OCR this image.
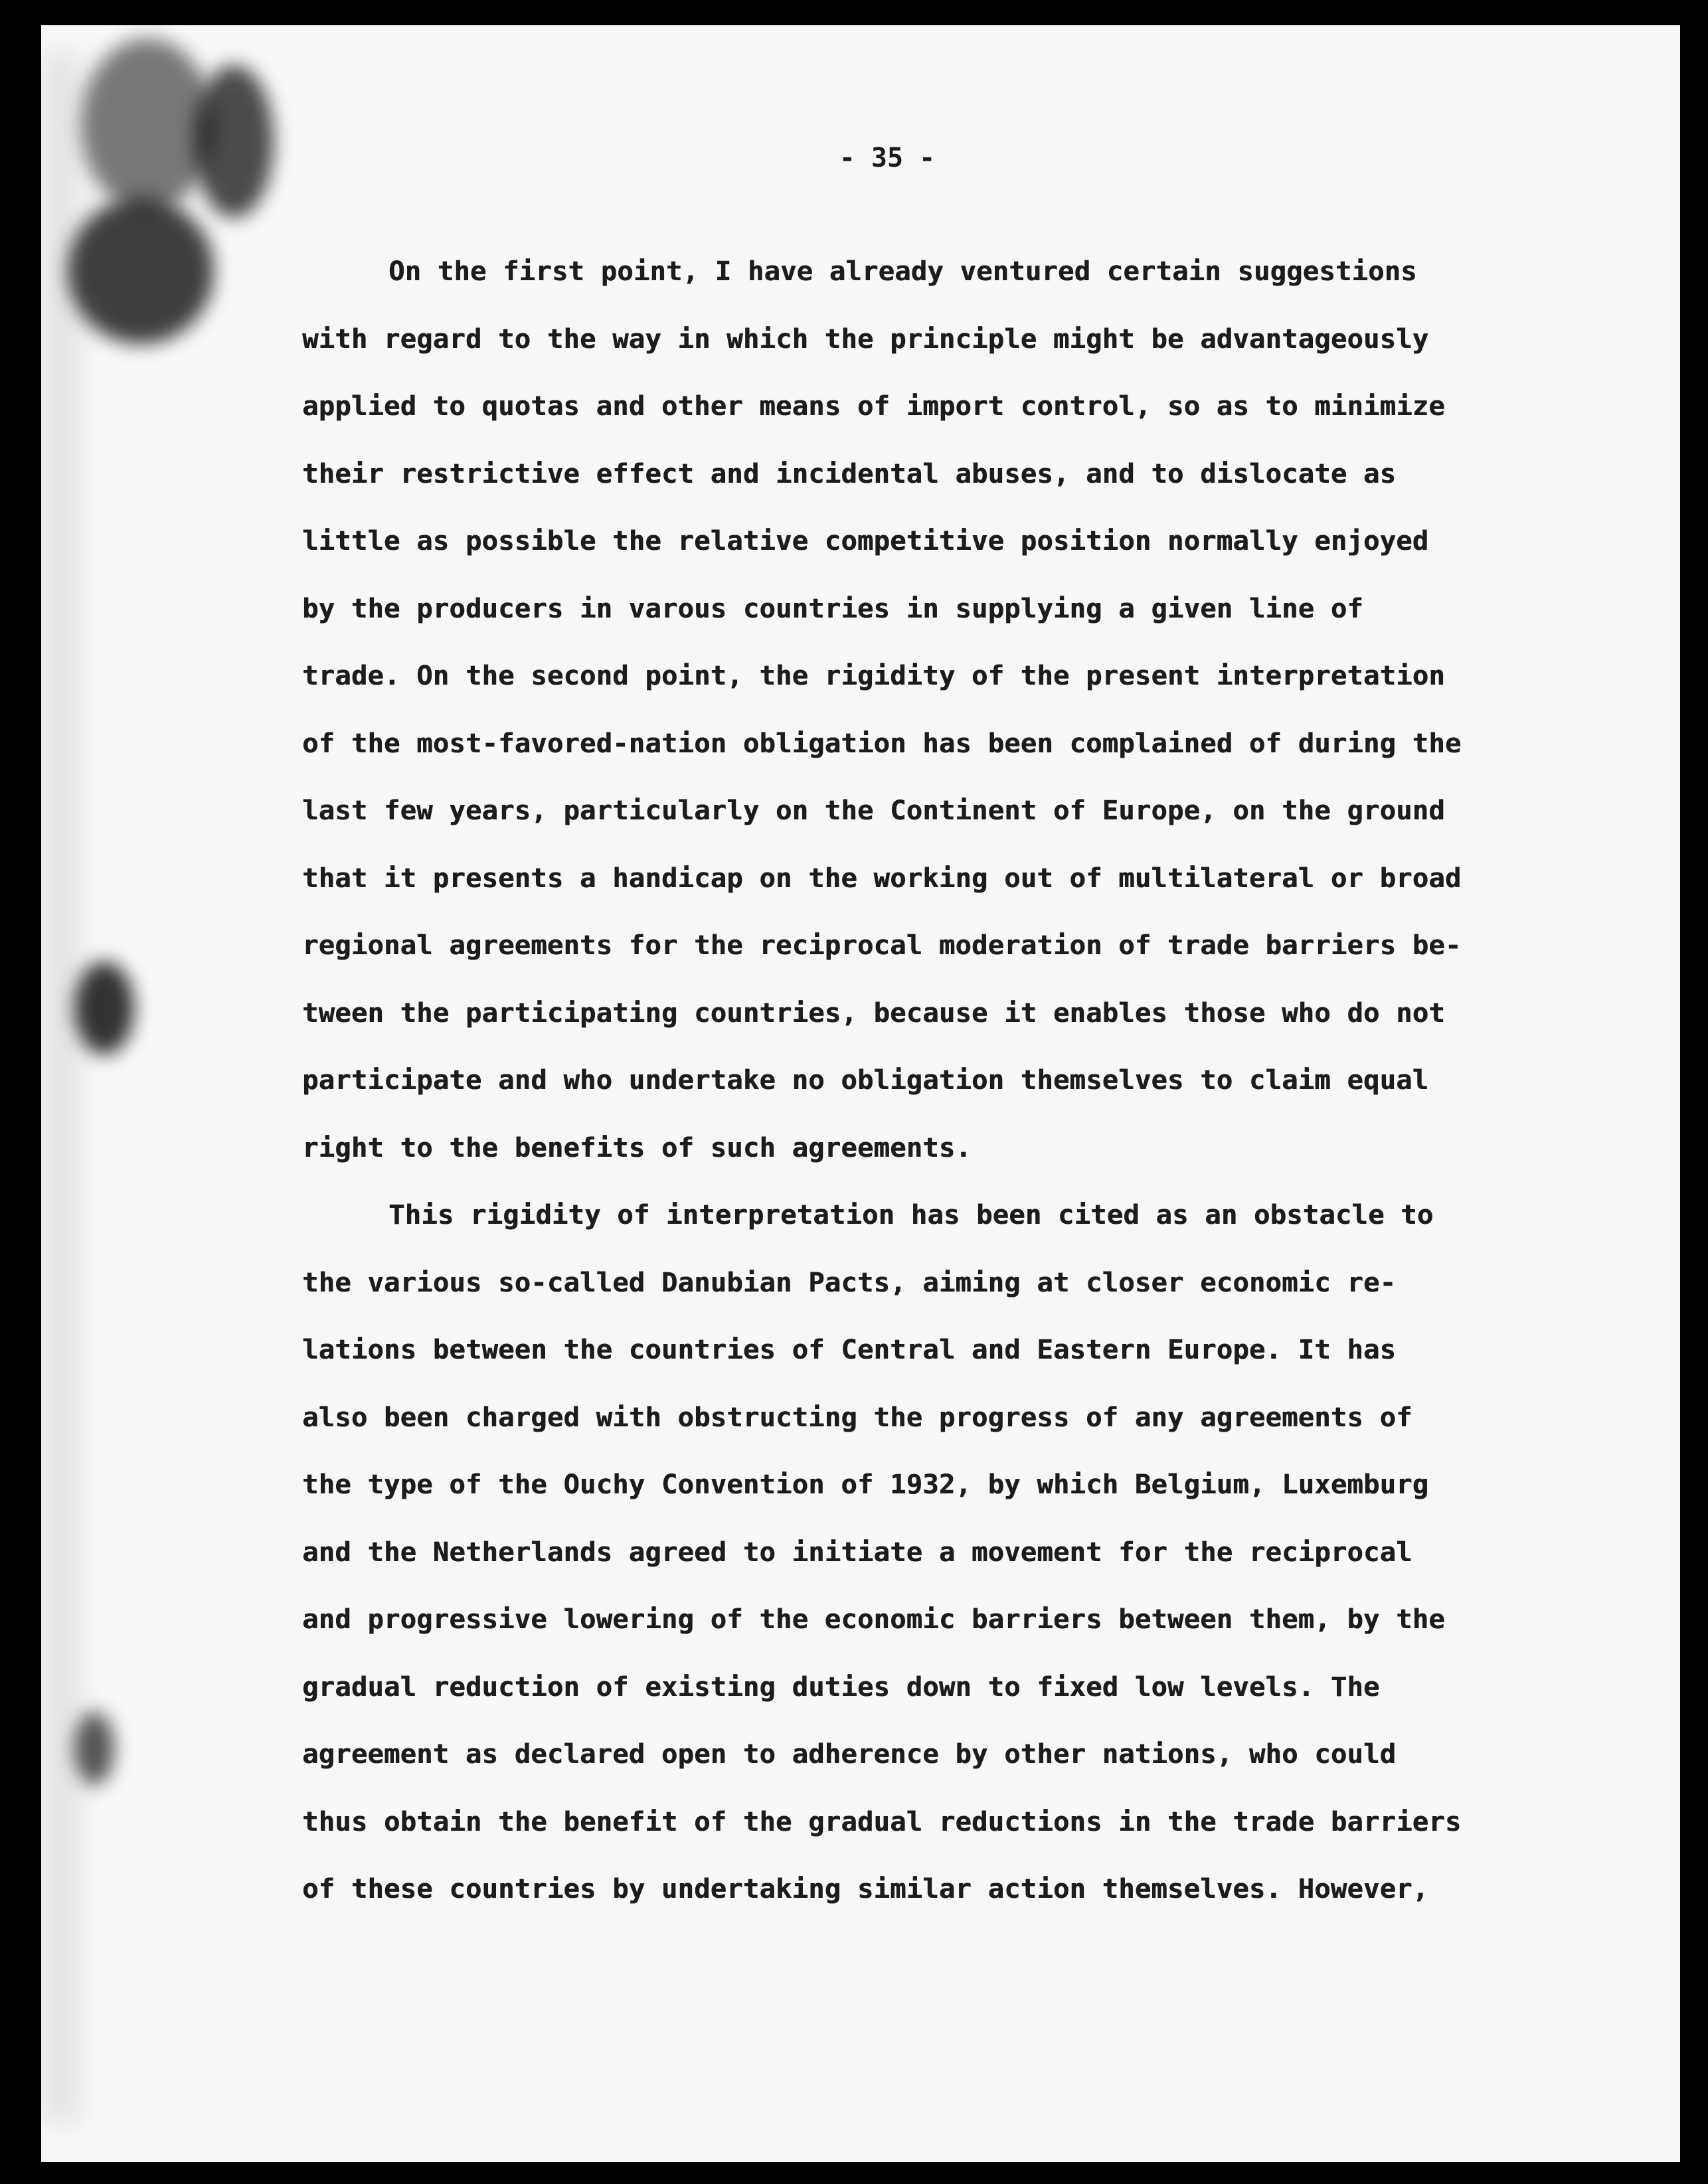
- 35 -
On the first point, I have already ventured certain suggestions
with regard to the way in which the principle might be advantageously
applied to quotas and other means of import control, so as to minimize
their restrictive effect and incidental abuses, and to dislocate as
little as possible the relative competitive position normally enjoyed
by the producers in varous countries in supplying a given line of
trade. On the second point, the rigidity of the present interpretation
of the most-favored-nation obligation has been complained of during the
last few years, particularly on the Continent of Europe, on the ground
that it presents a handicap on the working out of multilateral or broad
regional agreements for the reciprocal moderation of trade barriers be-
tween the participating countries, because it enables those who do not
participate and who undertake no obligation themselves to claim equal
right to the benefits of such agreements.
This rigidity of interpretation has been cited as an obstacle to
the various so-called Danubian Pacts, aiming at closer economic re-
lations between the countries of Central and Eastern Europe. It has
also been charged with obstructing the progress of any agreements of
the type of the Ouchy Convention of 1932, by which Belgium, Luxemburg
and the Netherlands agreed to initiate a movement for the reciprocal
and progressive lowering of the economic barriers between them, by the
gradual reduction of existing duties down to fixed low levels. The
agreement as declared open to adherence by other nations, who could
thus obtain the benefit of the gradual reductions in the trade barriers
of these countries by undertaking similar action themselves. However,
